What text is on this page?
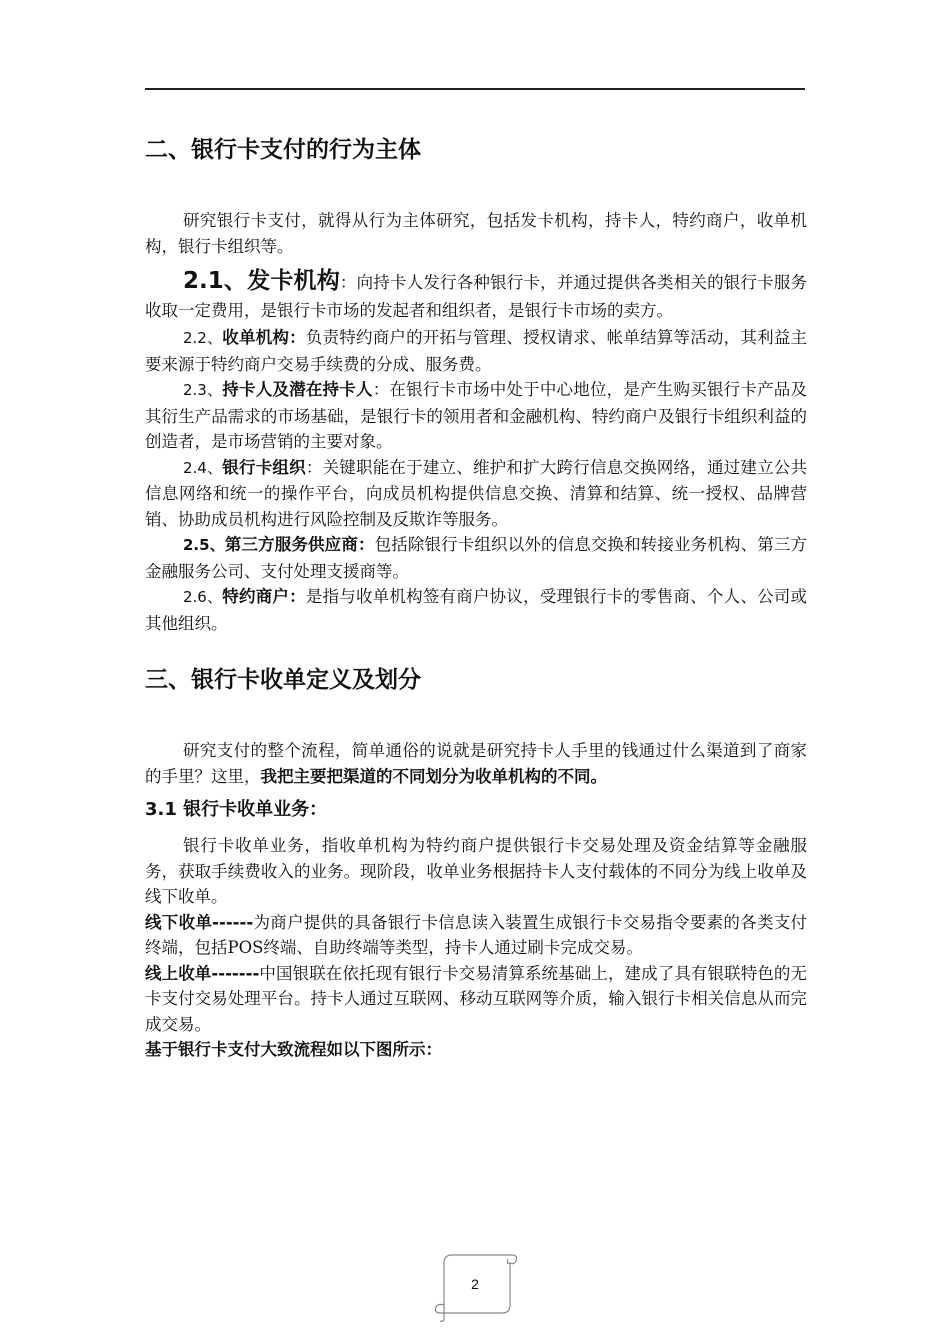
二、银行卡支付的行为主体

研究银行卡支付，就得从行为主体研究，包括发卡机构，持卡人，特约商户，收单机构，银行卡组织等。

2.1、发卡机构：向持卡人发行各种银行卡，并通过提供各类相关的银行卡服务收取一定费用，是银行卡市场的发起者和组织者，是银行卡市场的卖方。

2.2、收单机构：负责特约商户的开拓与管理、授权请求、帐单结算等活动，其利益主要来源于特约商户交易手续费的分成、服务费。

2.3、持卡人及潜在持卡人：在银行卡市场中处于中心地位，是产生购买银行卡产品及其衍生产品需求的市场基础，是银行卡的领用者和金融机构、特约商户及银行卡组织利益的创造者，是市场营销的主要对象。

2.4、银行卡组织：关键职能在于建立、维护和扩大跨行信息交换网络，通过建立公共信息网络和统一的操作平台，向成员机构提供信息交换、清算和结算、统一授权、品牌营销、协助成员机构进行风险控制及反欺诈等服务。

2.5、第三方服务供应商：包括除银行卡组织以外的信息交换和转接业务机构、第三方金融服务公司、支付处理支援商等。

2.6、特约商户：是指与收单机构签有商户协议，受理银行卡的零售商、个人、公司或其他组织。

三、银行卡收单定义及划分

研究支付的整个流程，简单通俗的说就是研究持卡人手里的钱通过什么渠道到了商家的手里？这里，我把主要把渠道的不同划分为收单机构的不同。

3.1 银行卡收单业务：

银行卡收单业务，指收单机构为特约商户提供银行卡交易处理及资金结算等金融服务，获取手续费收入的业务。现阶段，收单业务根据持卡人支付载体的不同分为线上收单及线下收单。

线下收单------为商户提供的具备银行卡信息读入装置生成银行卡交易指令要素的各类支付终端，包括POS终端、自助终端等类型，持卡人通过刷卡完成交易。

线上收单-------中国银联在依托现有银行卡交易清算系统基础上，建成了具有银联特色的无卡支付交易处理平台。持卡人通过互联网、移动互联网等介质，输入银行卡相关信息从而完成交易。

基于银行卡支付大致流程如以下图所示：

2
